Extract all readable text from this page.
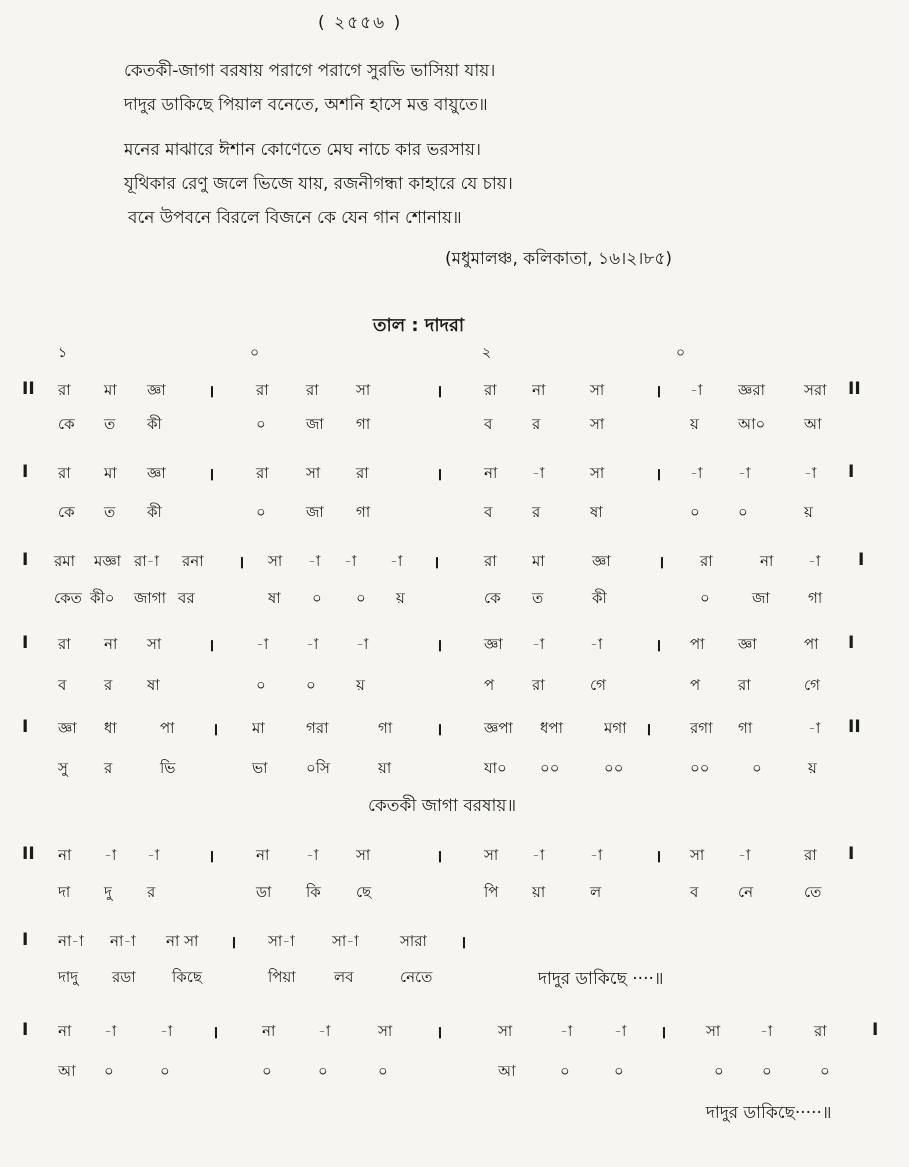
( ২৫৫৬ )
কেতকী-জাগা বরষায় পরাগে পরাগে সুরভি ভাসিয়া যায়।
দাদুর ডাকিছে পিয়াল বনেতে, অশনি হাসে মত্ত বায়ুতে॥
মনের মাঝারে ঈশান কোণেতে মেঘ নাচে কার ভরসায়।
যূথিকার রেণু জলে ভিজে যায়, রজনীগন্ধা কাহারে যে চায়।
বনে উপবনে বিরলে বিজনে কে যেন গান শোনায়॥
(মধুমালঞ্চ, কলিকাতা, ১৬।২।৮৫)
তাল : দাদরা
১	০	২	০
II রা মা জ্ঞা ।	রা রা সা	।	রা না	সা	। -া জ্ঞরা	সরা II
কে ত কী	০	জা গা	ব	র	সা	য়	আ০	আ
I রা মা জ্ঞা ।	রা সা রা	।	না -া	সা	। -া -া	-া I
কে ত কী	০	জা গা	ব	র	ষা	০	০	য়
I রমা মজ্ঞা রা-া রনা । সা -া -া -া ।	রা মা	জ্ঞা	। রা	না -া I
কেত কী০ জাগা বর	ষা ০ ০ য়	কে ত	কী	০	জা	গা
I রা না সা	।	-া	-া	-া	।	জ্ঞা -া	-া	। পা জ্ঞা	পা I
ব	র ষা	০	০	য়	প	রা	গে	প	রা	গে
I জ্ঞা ধা	পা । মা	গরা	গা	।	জ্ঞপা ধপা	মগা ।	রগা গা	-া II
সু র	ভি	ভা	০সি	য়া	যা০ ০০	০০	০০	০	য়
কেতকী জাগা বরষায়॥
II না -া -া	।	না -া	সা	।	সা -া	-া	। সা -া	রা I
দা দু র	ডা কি ছে	পি য়া	ল	ব	নে	তে
I না-া না-া না সা । সা-া সা-া	সারা ।
দাদু রডা কিছে	পিয়া	লব	নেতে	দাদুর ডাকিছে ····॥
I না -া	-া ।	না	-া	সা	।	সা	-া	-া ।	সা	-া	রা	I
আ ০	০	০	০	০	আ	০	০	০	০	০
দাদুর ডাকিছে·····॥
